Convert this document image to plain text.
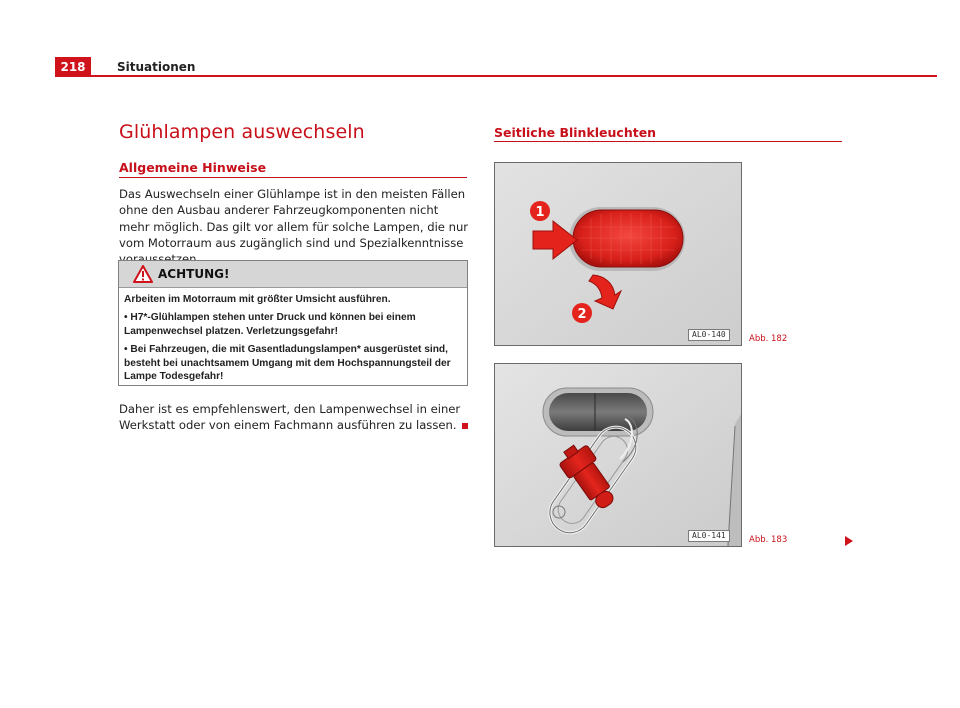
218	Situationen
Glühlampen auswechseln
Allgemeine Hinweise
Das Auswechseln einer Glühlampe ist in den meisten Fällen ohne den Ausbau anderer Fahrzeugkomponenten nicht mehr möglich. Das gilt vor allem für solche Lampen, die nur vom Motorraum aus zugänglich sind und Spezialkenntnisse
ACHTUNG!
Arbeiten im Motorraum mit größter Umsicht ausführen.
• H7*-Glühlampen stehen unter Druck und können bei einem Lampenwechsel platzen. Verletzungsgefahr!
• Bei Fahrzeugen, die mit Gasentladungslampen* ausgerüstet sind, besteht bei unachtsamem Umgang mit dem Hochspannungsteil der Lampe Todesgefahr!
Daher ist es empfehlenswert, den Lampenwechsel in einer Werkstatt oder von einem Fachmann ausführen zu lassen.
Seitliche Blinkleuchten
1
2
AL0-140	Abb. 182
AL0-141	Abb. 183
